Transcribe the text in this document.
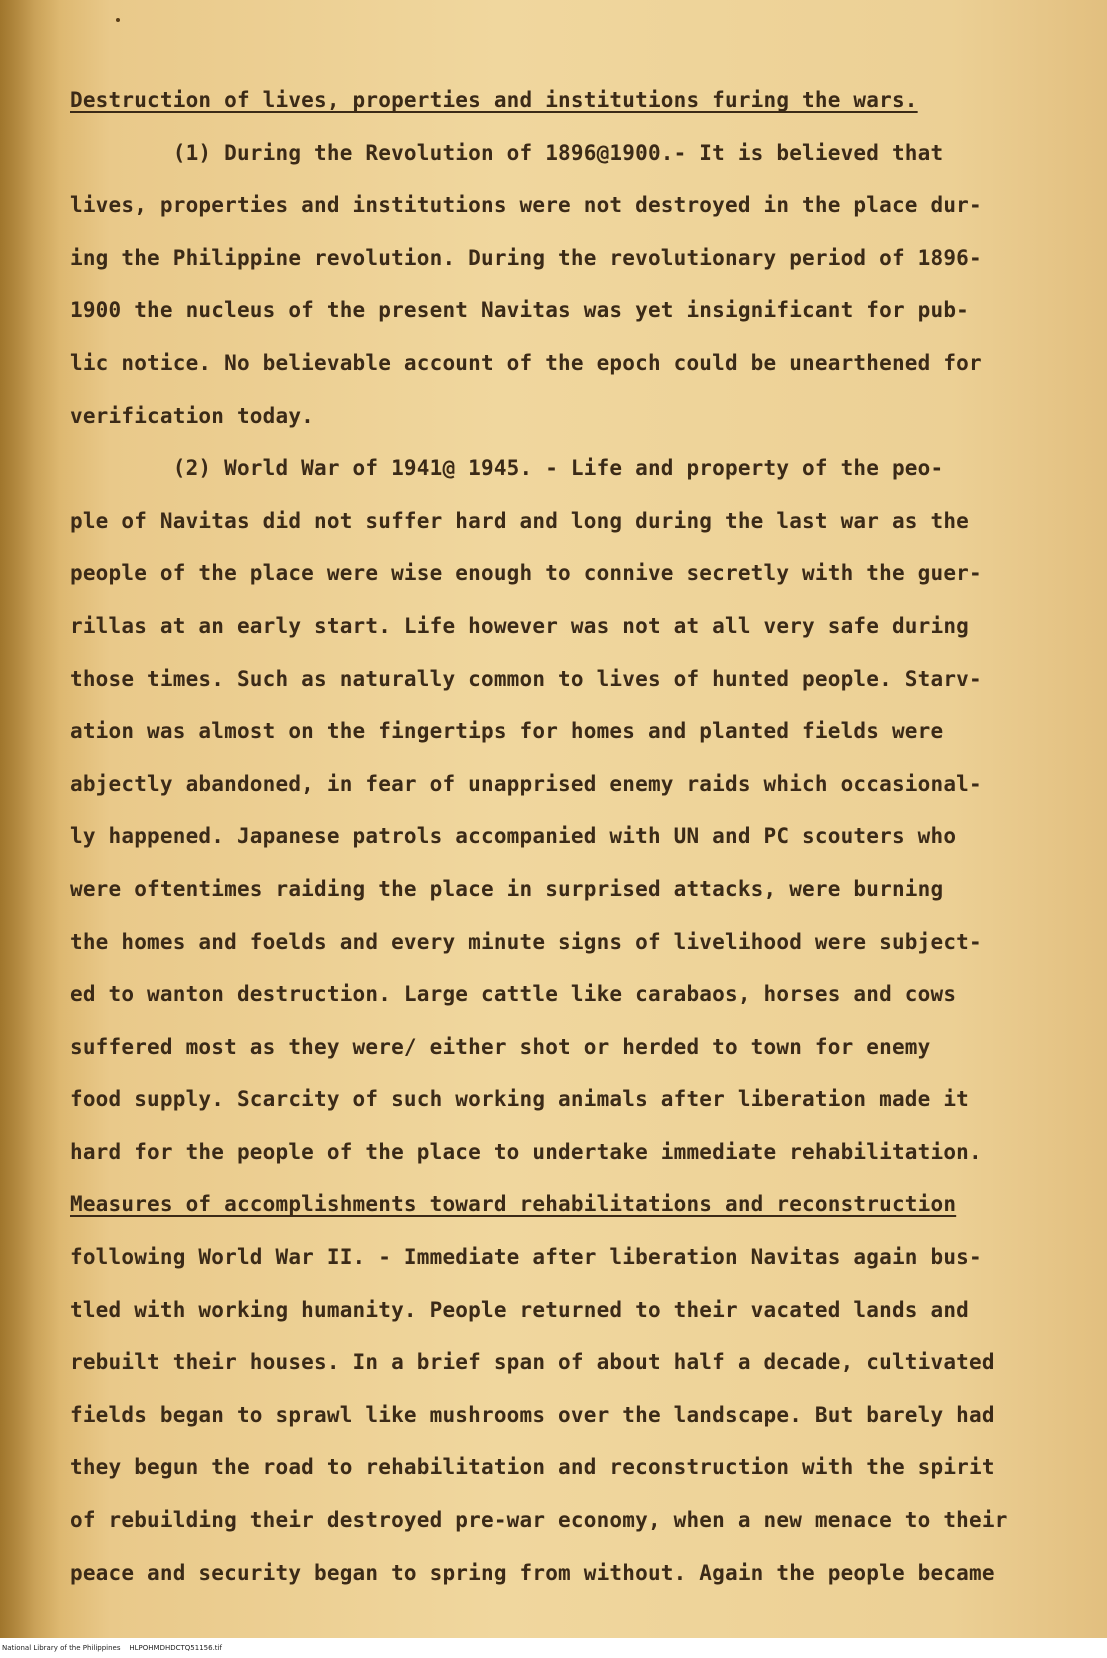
Destruction of lives, properties and institutions furing the wars.
(1) During the Revolution of 1896@1900.- It is believed that
lives, properties and institutions were not destroyed in the place dur-
ing the Philippine revolution. During the revolutionary period of 1896-
1900 the nucleus of the present Navitas was yet insignificant for pub-
lic notice. No believable account of the epoch could be unearthened for
verification today.
(2) World War of 1941@ 1945. - Life and property of the peo-
ple of Navitas did not suffer hard and long during the last war as the
people of the place were wise enough to connive secretly with the guer-
rillas at an early start. Life however was not at all very safe during
those times. Such as naturally common to lives of hunted people. Starv-
ation was almost on the fingertips for homes and planted fields were
abjectly abandoned, in fear of unapprised enemy raids which occasional-
ly happened. Japanese patrols accompanied with UN and PC scouters who
were oftentimes raiding the place in surprised attacks, were burning
the homes and foelds and every minute signs of livelihood were subject-
ed to wanton destruction. Large cattle like carabaos, horses and cows
suffered most as they were/ either shot or herded to town for enemy
food supply. Scarcity of such working animals after liberation made it
hard for the people of the place to undertake immediate rehabilitation.
Measures of accomplishments toward rehabilitations and reconstruction
following World War II. - Immediate after liberation Navitas again bus-
tled with working humanity. People returned to their vacated lands and
rebuilt their houses. In a brief span of about half a decade, cultivated
fields began to sprawl like mushrooms over the landscape. But barely had
they begun the road to rehabilitation and reconstruction with the spirit
of rebuilding their destroyed pre-war economy, when a new menace to their
peace and security began to spring from without. Again the people became
National Library of the Philippines    HLPOHMDHDCTQ51156.tif
